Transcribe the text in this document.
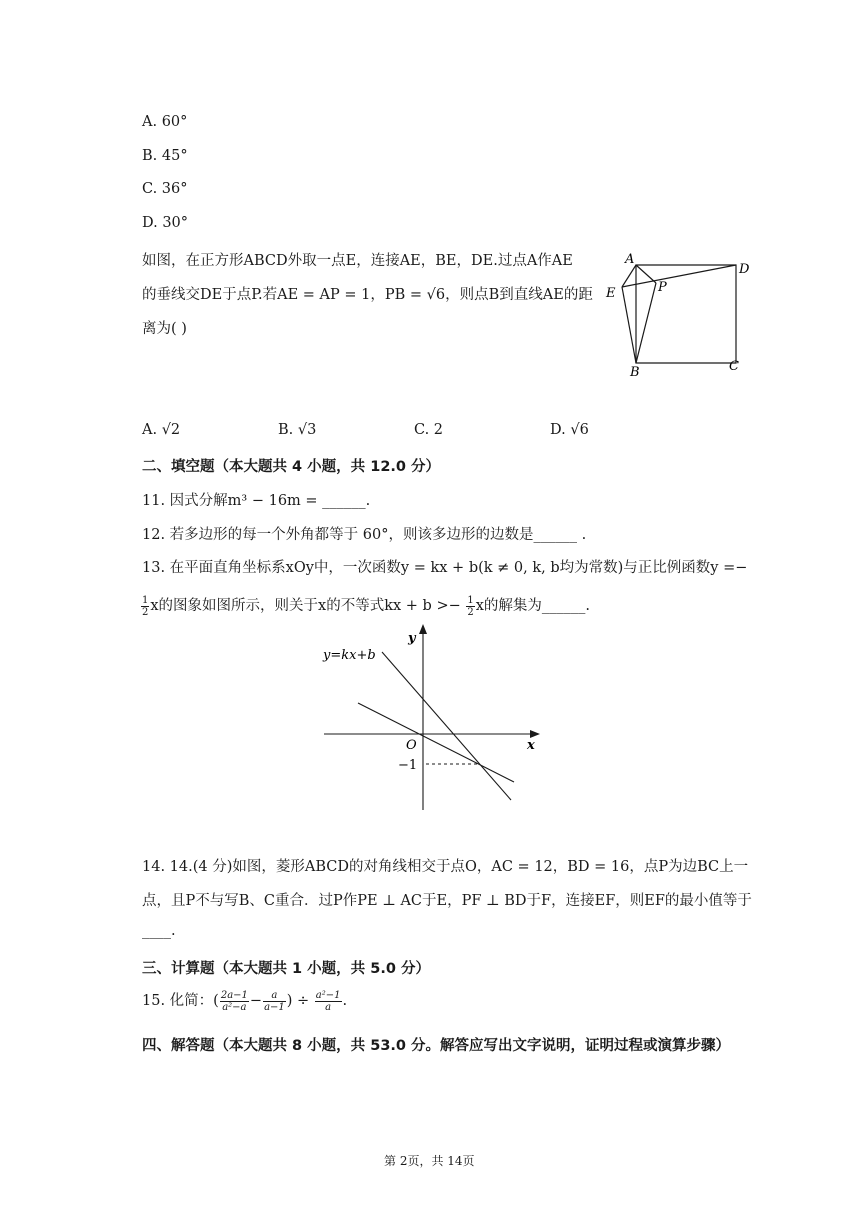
A. 60°
B. 45°
C. 36°
D. 30°
如图，在正方形ABCD外取一点E，连接AE，BE，DE.过点A作AE
的垂线交DE于点P.若AE = AP = 1，PB = √6，则点B到直线AE的距
离为( )
A
D
E	P
B	C
A. √2	B. √3	C. 2	D. √6
二、填空题（本大题共 4 小题，共 12.0 分）
11. 因式分解m³ − 16m = ______.
12. 若多边形的每一个外角都等于 60°，则该多边形的边数是______ .
13. 在平面直角坐标系xOy中，一次函数y = kx + b(k ≠ 0, k, b均为常数)与正比例函数y =−
$\frac{1}{2}$ x的图象如图所示，则关于x的不等式kx + $b >- \frac{1}{2}$ x的解集为______.
y=kx+b
x
y
O
−1
14. 14.(4 分)如图，菱形ABCD的对角线相交于点O，AC = 12，BD = 16，点P为边BC上一
点，且P不与写B、C重合．过P作PE ⊥ AC于E，PF ⊥ BD于F，连接EF，则EF的最小值等于
____.
三、计算题（本大题共 1 小题，共 5.0 分）
15. 化简：( $\frac{2a-1}{\text{a²−a}} - \frac{a}{a-1}$ ) ÷ $\frac{\text{a²−1}}{a}$ .
四、解答题（本大题共 8 小题，共 53.0 分。解答应写出文字说明，证明过程或演算步骤）
第 2页，共 14页
